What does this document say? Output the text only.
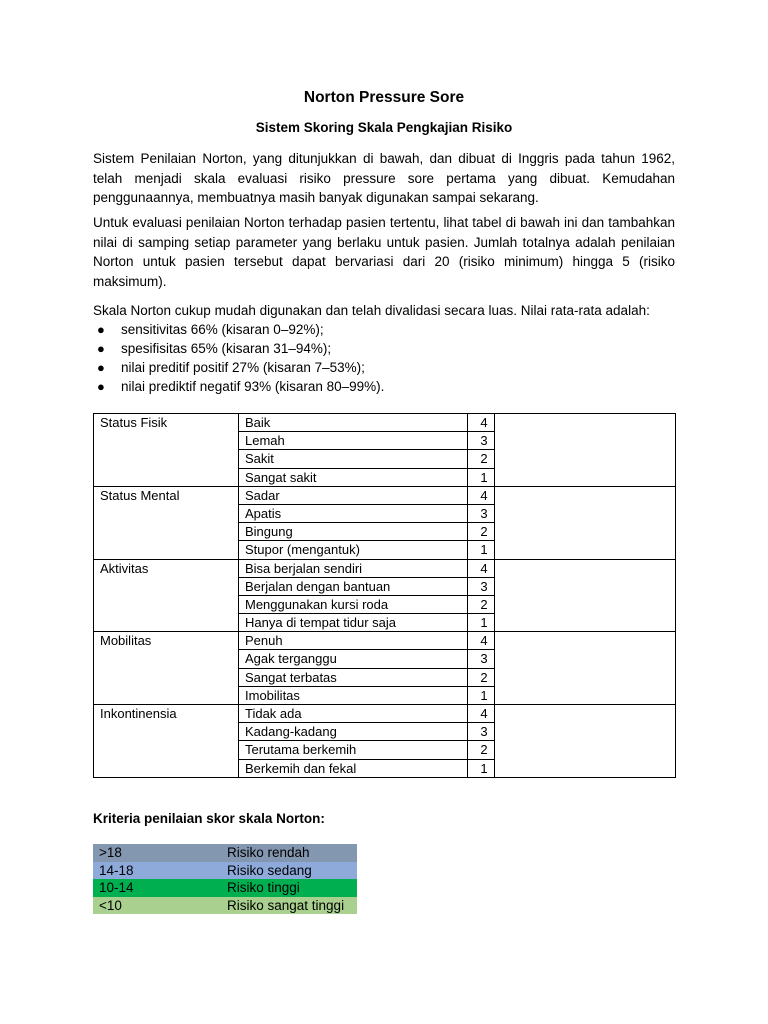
Norton Pressure Sore
Sistem Skoring Skala Pengkajian Risiko

Sistem Penilaian Norton, yang ditunjukkan di bawah, dan dibuat di Inggris pada tahun 1962, telah menjadi skala evaluasi risiko pressure sore pertama yang dibuat. Kemudahan penggunaannya, membuatnya masih banyak digunakan sampai sekarang.

Untuk evaluasi penilaian Norton terhadap pasien tertentu, lihat tabel di bawah ini dan tambahkan nilai di samping setiap parameter yang berlaku untuk pasien. Jumlah totalnya adalah penilaian Norton untuk pasien tersebut dapat bervariasi dari 20 (risiko minimum) hingga 5 (risiko maksimum).

Skala Norton cukup mudah digunakan dan telah divalidasi secara luas. Nilai rata-rata adalah:

● sensitivitas 66% (kisaran 0‒92%);
● spesifisitas 65% (kisaran 31‒94%);
● nilai preditif positif 27% (kisaran 7‒53%);
● nilai prediktif negatif 93% (kisaran 80‒99%).
Status Fisik	Baik	4	
	Lemah	3	
	Sakit	2	
	Sangat sakit	1	
Status Mental	Sadar	4	
	Apatis	3	
	Bingung	2	
	Stupor (mengantuk)	1	
Aktivitas	Bisa berjalan sendiri	4	
	Berjalan dengan bantuan	3	
	Menggunakan kursi roda	2	
	Hanya di tempat tidur saja	1	
Mobilitas	Penuh	4	
	Agak terganggu	3	
	Sangat terbatas	2	
	Imobilitas	1	
Inkontinensia	Tidak ada	4	
	Kadang-kadang	3	
	Terutama berkemih	2	
	Berkemih dan fekal	1	
Kriteria penilaian skor skala Norton:
>18	Risiko rendah
14-18	Risiko sedang
10-14	Risiko tinggi
<10	Risiko sangat tinggi
